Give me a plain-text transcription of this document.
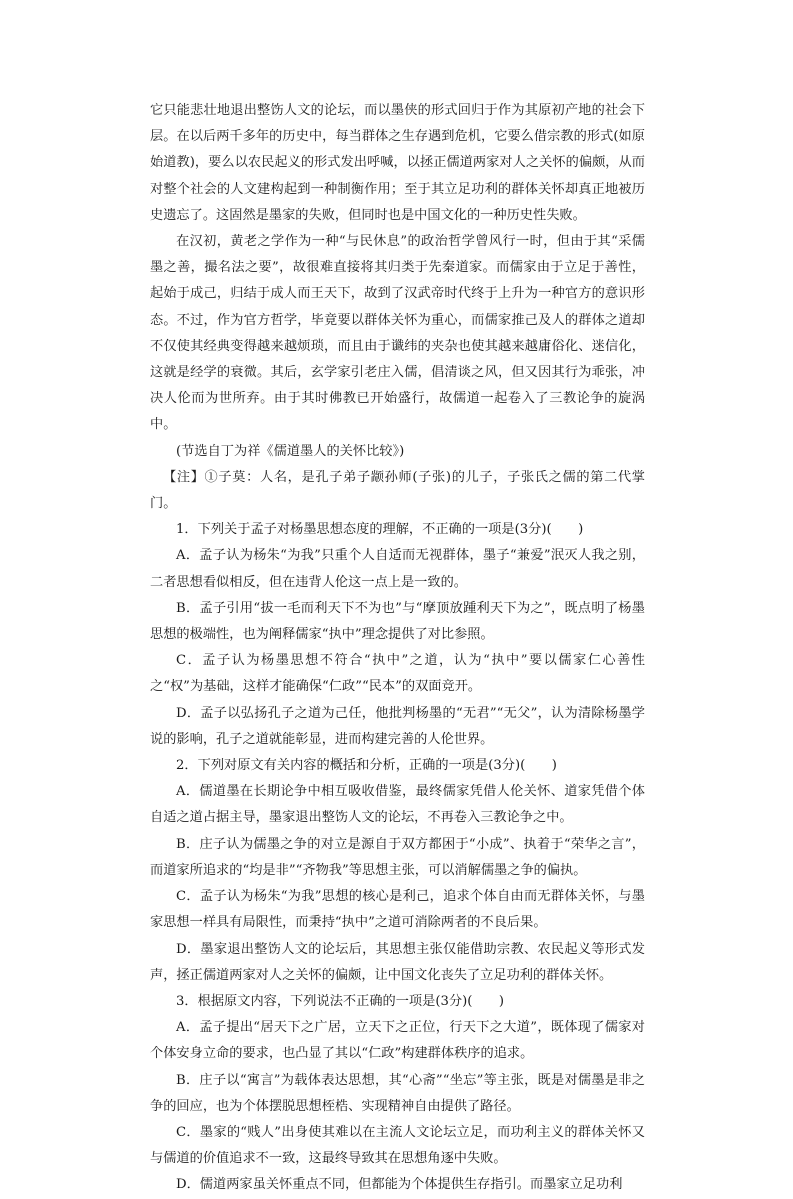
它只能悲壮地退出整饬人文的论坛，而以墨侠的形式回归于作为其原初产地的社会下层。在以后两千多年的历史中，每当群体之生存遇到危机，它要么借宗教的形式(如原始道教)，要么以农民起义的形式发出呼喊，以拯正儒道两家对人之关怀的偏颇，从而对整个社会的人文建构起到一种制衡作用；至于其立足功利的群体关怀却真正地被历史遗忘了。这固然是墨家的失败，但同时也是中国文化的一种历史性失败。

在汉初，黄老之学作为一种“与民休息”的政治哲学曾风行一时，但由于其“采儒墨之善，撮名法之要”，故很难直接将其归类于先秦道家。而儒家由于立足于善性，起始于成己，归结于成人而王天下，故到了汉武帝时代终于上升为一种官方的意识形态。不过，作为官方哲学，毕竟要以群体关怀为重心，而儒家推己及人的群体之道却不仅使其经典变得越来越烦琐，而且由于谶纬的夹杂也使其越来越庸俗化、迷信化，这就是经学的衰微。其后，玄学家引老庄入儒，倡清谈之风，但又因其行为乖张，冲决人伦而为世所弃。由于其时佛教已开始盛行，故儒道一起卷入了三教论争的旋涡中。

(节选自丁为祥《儒道墨人的关怀比较》)

【注】①子莫：人名，是孔子弟子颛孙师(子张)的儿子，子张氏之儒的第二代掌门。

1．下列关于孟子对杨墨思想态度的理解，不正确的一项是(3分)(　　)

A．孟子认为杨朱“为我”只重个人自适而无视群体，墨子“兼爱”泯灭人我之别，二者思想看似相反，但在违背人伦这一点上是一致的。

B．孟子引用“拔一毛而利天下不为也”与“摩顶放踵利天下为之”，既点明了杨墨思想的极端性，也为阐释儒家“执中”理念提供了对比参照。

C．孟子认为杨墨思想不符合“执中”之道，认为“执中”要以儒家仁心善性之“权”为基础，这样才能确保“仁政”“民本”的双面竞开。

D．孟子以弘扬孔子之道为己任，他批判杨墨的“无君”“无父”，认为清除杨墨学说的影响，孔子之道就能彰显，进而构建完善的人伦世界。

2．下列对原文有关内容的概括和分析，正确的一项是(3分)(　　)

A．儒道墨在长期论争中相互吸收借鉴，最终儒家凭借人伦关怀、道家凭借个体自适之道占据主导，墨家退出整饬人文的论坛，不再卷入三教论争之中。

B．庄子认为儒墨之争的对立是源自于双方都困于“小成”、执着于“荣华之言”，而道家所追求的“均是非”“齐物我”等思想主张，可以消解儒墨之争的偏执。

C．孟子认为杨朱“为我”思想的核心是利己，追求个体自由而无群体关怀，与墨家思想一样具有局限性，而秉持“执中”之道可消除两者的不良后果。

D．墨家退出整饬人文的论坛后，其思想主张仅能借助宗教、农民起义等形式发声，拯正儒道两家对人之关怀的偏颇，让中国文化丧失了立足功利的群体关怀。

3．根据原文内容，下列说法不正确的一项是(3分)(　　)

A．孟子提出“居天下之广居，立天下之正位，行天下之大道”，既体现了儒家对个体安身立命的要求，也凸显了其以“仁政”构建群体秩序的追求。

B．庄子以“寓言”为载体表达思想，其“心斋”“坐忘”等主张，既是对儒墨是非之争的回应，也为个体摆脱思想桎梏、实现精神自由提供了路径。

C．墨家的“贱人”出身使其难以在主流人文论坛立足，而功利主义的群体关怀又与儒道的价值追求不一致，这最终导致其在思想角逐中失败。

D．儒道两家虽关怀重点不同，但都能为个体提供生存指引。而墨家立足功利
